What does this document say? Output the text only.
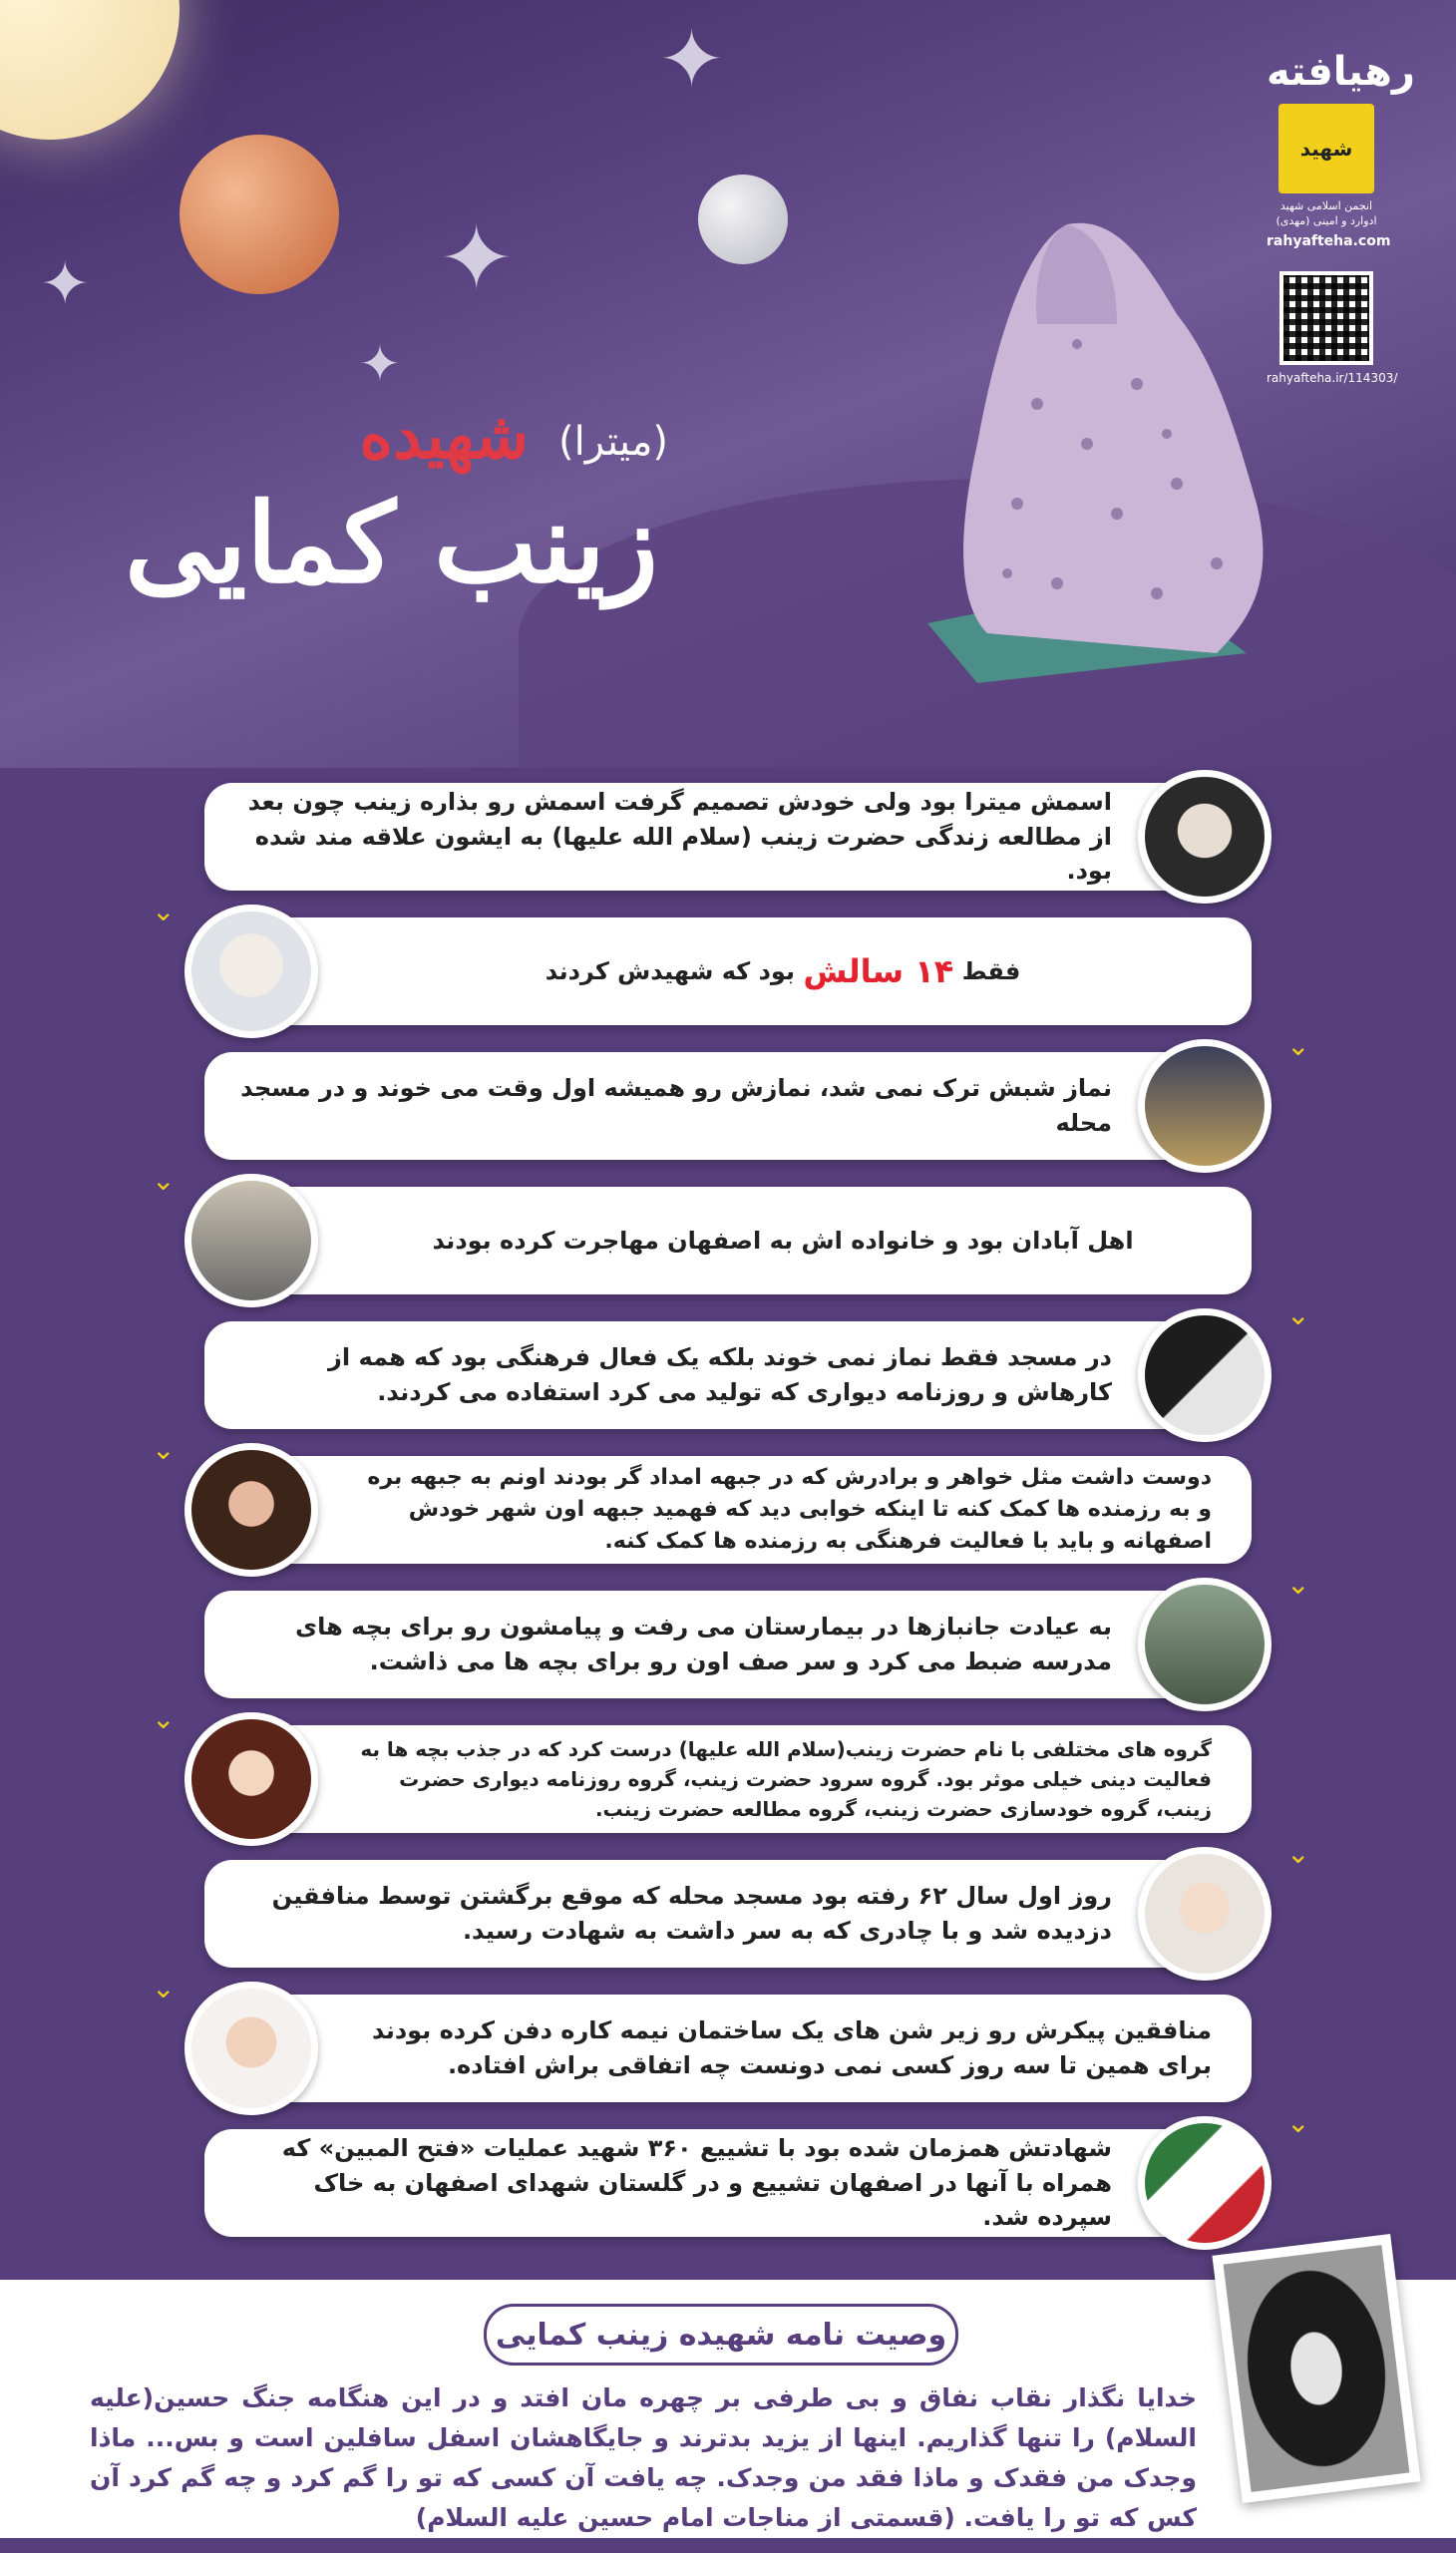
✦
✦
✦
✦
(میترا)
شهیده
زینب کمایی
رهیافته
شهید
انجمن اسلامی شهید
ادوارد و امینی (مهدی)
rahyafteha.com
rahyafteha.ir/114303/
اسمش میترا بود ولی خودش تصمیم گرفت اسمش رو بذاره زینب چون بعد از مطالعه زندگی حضرت زینب (سلام الله علیها) به ایشون علاقه مند شده بود.
⌄
فقط

۱۴ سالش

بود که شهیدش کردند
⌄
نماز شبش ترک نمی شد، نمازش رو همیشه اول وقت می خوند و در مسجد محله
⌄
اهل آبادان بود و خانواده اش به اصفهان مهاجرت کرده بودند
⌄
در مسجد فقط نماز نمی خوند بلکه یک فعال فرهنگی بود که همه از کارهاش و روزنامه دیواری که تولید می کرد استفاده می کردند.
⌄
دوست داشت مثل خواهر و برادرش که در جبهه امداد گر بودند اونم به جبهه بره و به رزمنده ها کمک کنه تا اینکه خوابی دید که فهمید جبهه اون شهر خودش اصفهانه و باید با فعالیت فرهنگی به رزمنده ها کمک کنه.
⌄
به عیادت جانبازها در بیمارستان می رفت و پیامشون رو برای بچه های مدرسه ضبط می کرد و سر صف اون رو برای بچه ها می ذاشت.
⌄
گروه های مختلفی با نام حضرت زینب(سلام الله علیها) درست کرد که در جذب بچه ها به فعالیت دینی خیلی موثر بود. گروه سرود حضرت زینب، گروه روزنامه دیواری حضرت زینب، گروه خودسازی حضرت زینب، گروه مطالعه حضرت زینب.
⌄
روز اول سال ۶۲ رفته بود مسجد محله که موقع برگشتن توسط منافقین دزدیده شد و با چادری که به سر داشت به شهادت رسید.
⌄
منافقین پیکرش رو زیر شن های یک ساختمان نیمه کاره دفن کرده بودند برای همین تا سه روز کسی نمی دونست چه اتفاقی براش افتاده.
⌄
شهادتش همزمان شده بود با تشییع ۳۶۰ شهید عملیات «فتح المبین» که همراه با آنها در اصفهان تشییع و در گلستان شهدای اصفهان به خاک سپرده شد.
وصیت نامه شهیده زینب کمایی
خدایا نگذار نقاب نفاق و بی طرفی بر چهره مان افتد و در این هنگامه جنگ حسین(علیه السلام) را تنها گذاریم. اینها از یزید بدترند و جایگاهشان اسفل سافلین است و بس... ماذا وجدک من فقدک و ماذا فقد من وجدک. چه یافت آن کسی که تو را گم کرد و چه گم کرد آن کس که تو را یافت. (قسمتی از مناجات امام حسین علیه السلام)
